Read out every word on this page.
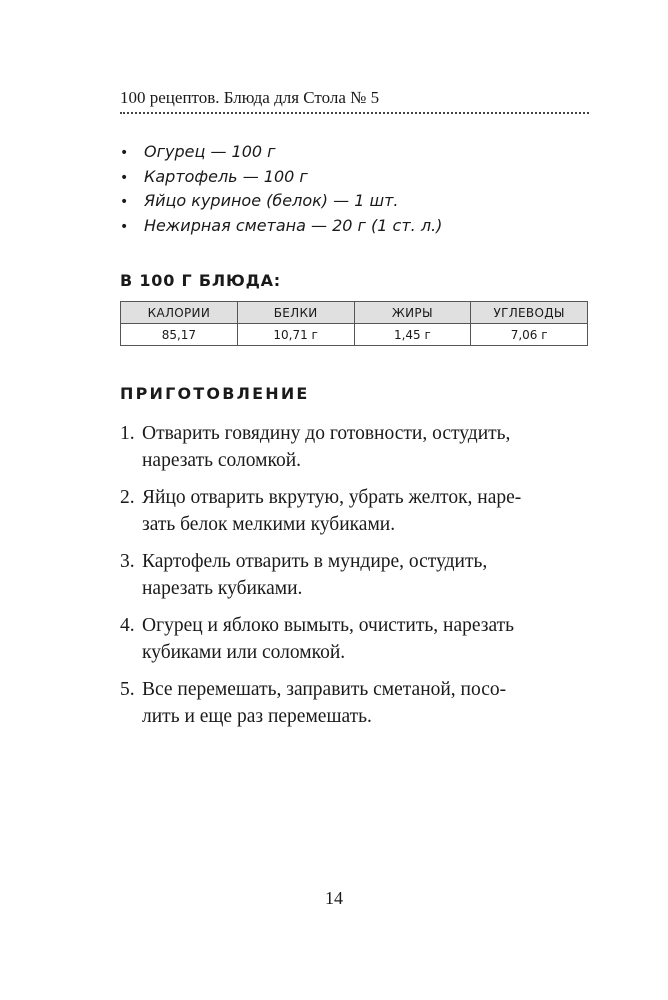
100 рецептов. Блюда для Стола № 5
• Огурец — 100 г
• Картофель — 100 г
• Яйцо куриное (белок) — 1 шт.
• Нежирная сметана — 20 г (1 ст. л.)
В 100 Г БЛЮДА:
КАЛОРИИ	БЕЛКИ	ЖИРЫ	УГЛЕВОДЫ
85,17	10,71 г	1,45 г	7,06 г
ПРИГОТОВЛЕНИЕ
1. Отварить говядину до готовности, остудить,
нарезать соломкой.
2. Яйцо отварить вкрутую, убрать желток, наре-
зать белок мелкими кубиками.
3. Картофель отварить в мундире, остудить,
нарезать кубиками.
4. Огурец и яблоко вымыть, очистить, нарезать
кубиками или соломкой.
5. Все перемешать, заправить сметаной, посо-
лить и еще раз перемешать.
14
